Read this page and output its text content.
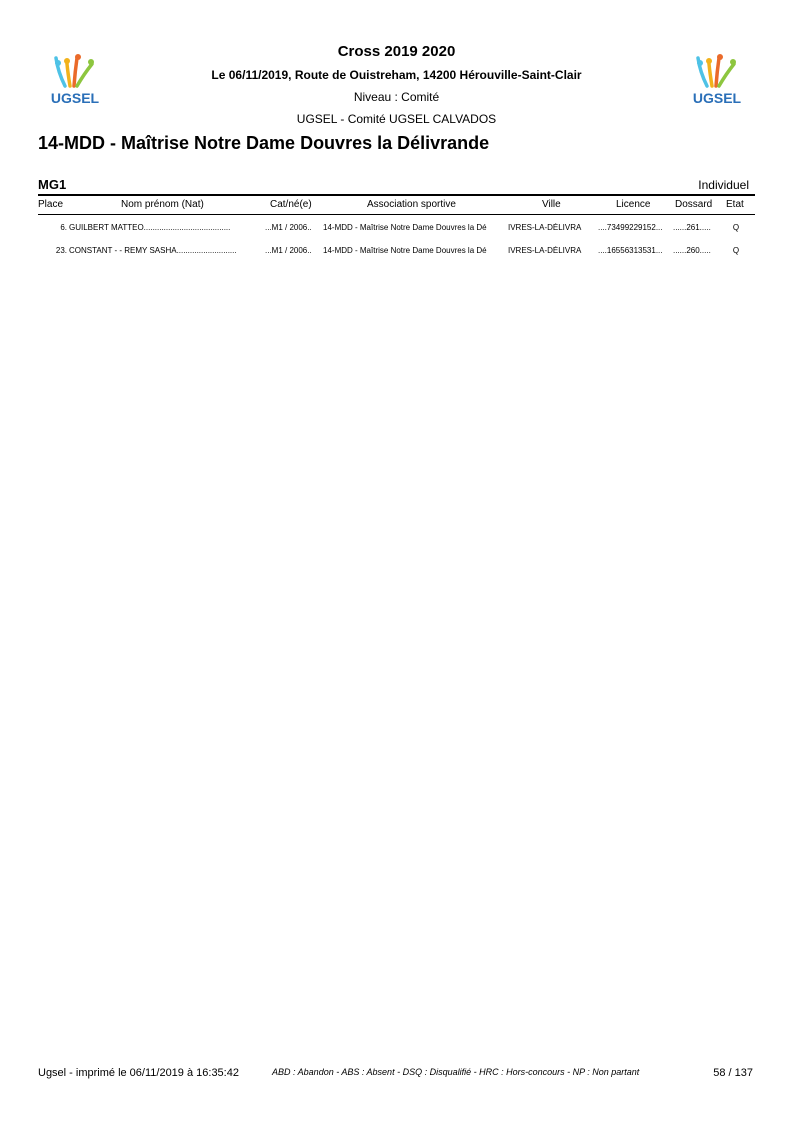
UGSEL	UGSEL
Cross 2019 2020
Le 06/11/2019, Route de Ouistreham, 14200 Hérouville-Saint-Clair
Niveau : Comité
UGSEL - Comité UGSEL CALVADOS
14-MDD - Maîtrise Notre Dame Douvres la Délivrande
MG1	Individuel
Place	Nom prénom (Nat)	Cat/né(e)	Association sportive	Ville	Licence Dossard Etat
6. GUILBERT MATTEO.......................................	...M1 / 2006..	14-MDD - Maîtrise Notre Dame Douvres la Dé	IVRES-LA-DÉLIVRA	....73499229152...	......261.....	Q
23. CONSTANT - - REMY SASHA...........................	...M1 / 2006..	14-MDD - Maîtrise Notre Dame Douvres la Dé	IVRES-LA-DÉLIVRA	....16556313531...	......260.....	Q
Ugsel - imprimé le 06/11/2019 à 16:35:42	ABD : Abandon - ABS : Absent - DSQ : Disqualifié - HRC : Hors-concours - NP : Non partant	58 / 137
